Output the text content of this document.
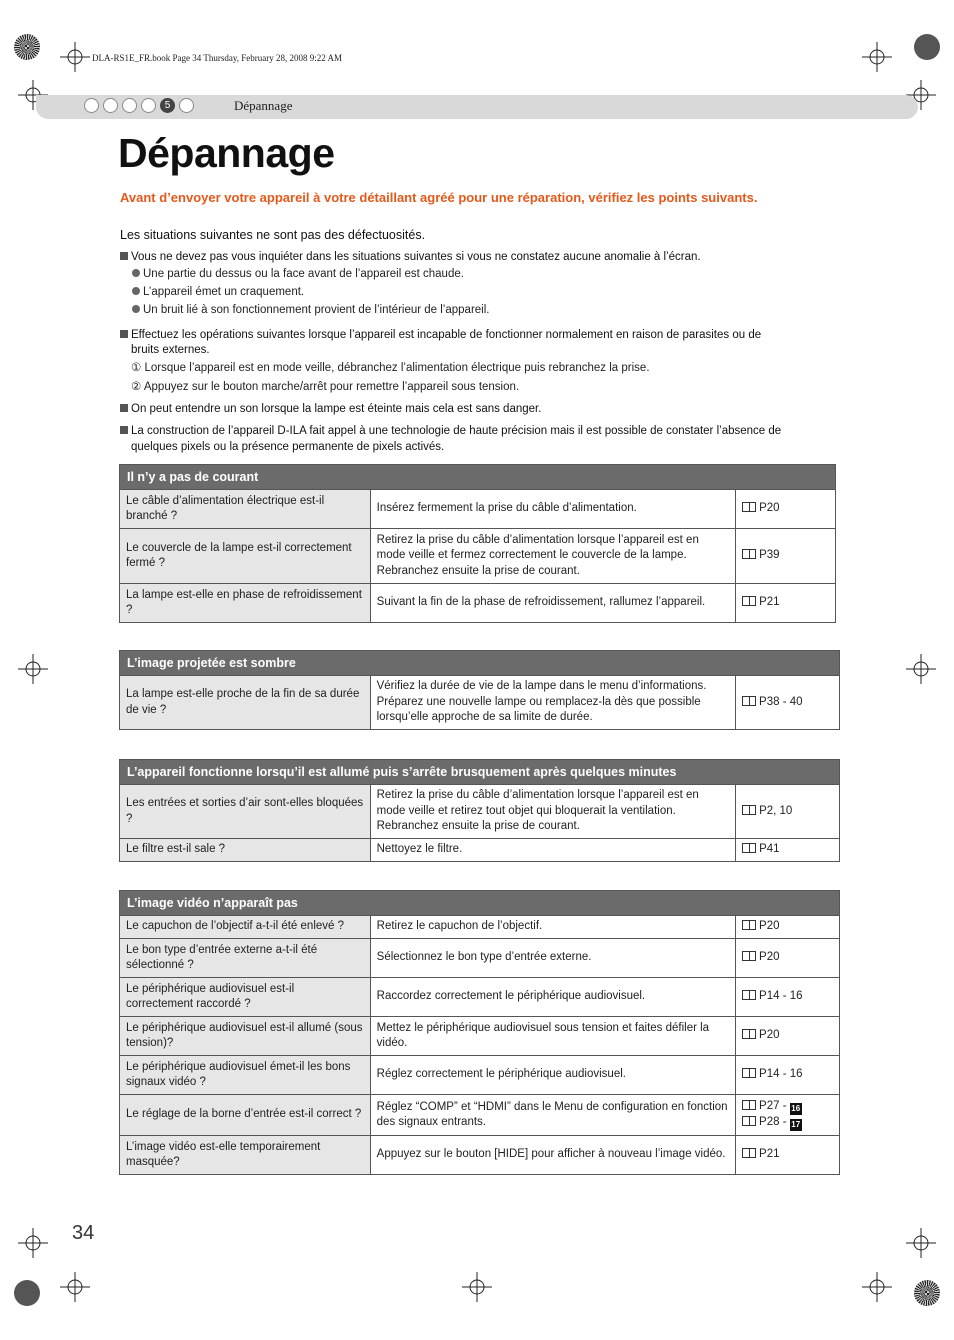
DLA-RS1E_FR.book Page 34 Thursday, February 28, 2008 9:22 AM
5	Dépannage
Dépannage
Avant d’envoyer votre appareil à votre détaillant agréé pour une réparation, vérifiez les points suivants.
Les situations suivantes ne sont pas des défectuosités.
Vous ne devez pas vous inquiéter dans les situations suivantes si vous ne constatez aucune anomalie à l’écran.
Une partie du dessus ou la face avant de l’appareil est chaude.
L’appareil émet un craquement.
Un bruit lié à son fonctionnement provient de l’intérieur de l’appareil.
Effectuez les opérations suivantes lorsque l’appareil est incapable de fonctionner normalement en raison de parasites ou de
bruits externes.
① Lorsque l’appareil est en mode veille, débranchez l’alimentation électrique puis rebranchez la prise.
② Appuyez sur le bouton marche/arrêt pour remettre l’appareil sous tension.
On peut entendre un son lorsque la lampe est éteinte mais cela est sans danger.
La construction de l’appareil D-ILA fait appel à une technologie de haute précision mais il est possible de constater l’absence de
quelques pixels ou la présence permanente de pixels activés.
Il n’y a pas de courant		
Le câble d’alimentation électrique est-il branché ?	Insérez fermement la prise du câble d’alimentation.	P20
Le couvercle de la lampe est-il correctement fermé ?	Retirez la prise du câble d’alimentation lorsque l’appareil est en mode veille et fermez correctement le couvercle de la lampe. Rebranchez ensuite la prise de courant.	P39
La lampe est-elle en phase de refroidissement ?	Suivant la fin de la phase de refroidissement, rallumez l’appareil.	P21
L’image projetée est sombre
La lampe est-elle proche de la fin de sa durée de vie ?	Vérifiez la durée de vie de la lampe dans le menu d’informations. Préparez une nouvelle lampe ou remplacez-la dès que possible lorsqu’elle approche de sa limite de durée.	P38 - 40
L’appareil fonctionne lorsqu’il est allumé puis s’arrête brusquement après quelques minutes		
Les entrées et sorties d’air sont-elles bloquées ?	Retirez la prise du câble d’alimentation lorsque l’appareil est en mode veille et retirez tout objet qui bloquerait la ventilation. Rebranchez ensuite la prise de courant.	P2, 10
Le filtre est-il sale ?	Nettoyez le filtre.	P41
L’image vidéo n’apparaît pas		
Le capuchon de l’objectif a-t-il été enlevé ?	Retirez le capuchon de l’objectif.	P20
Le bon type d’entrée externe a-t-il été sélectionné ?	Sélectionnez le bon type d’entrée externe.	P20
Le périphérique audiovisuel est-il correctement raccordé ?	Raccordez correctement le périphérique audiovisuel.	P14 - 16
Le périphérique audiovisuel est-il allumé (sous tension)?	Mettez le périphérique audiovisuel sous tension et faites défiler la vidéo.	P20
Le périphérique audiovisuel émet-il les bons signaux vidéo ?	Réglez correctement le périphérique audiovisuel.	P14 - 16
Le réglage de la borne d’entrée est-il correct ?	Réglez “COMP” et “HDMI” dans le Menu de configuration en fonction des signaux entrants.	P27 - 16
P28 - 17

L’image vidéo est-elle temporairement masquée?	Appuyez sur le bouton [HIDE] pour afficher à nouveau l’image vidéo.	P21
34
